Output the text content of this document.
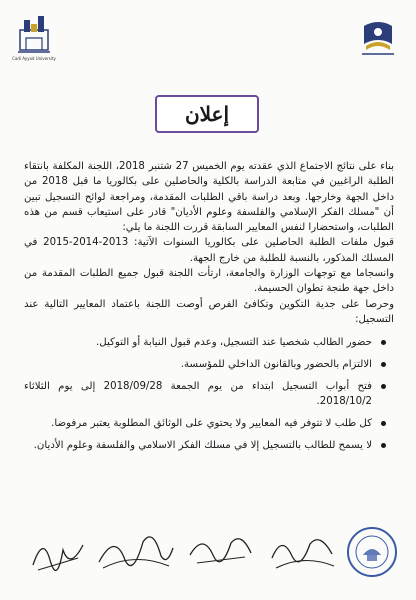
Cadi Ayyad University
إعلان

بناء على نتائج الاجتماع الذي عقدته يوم الخميس 27 شتنبر 2018، اللجنة المكلفة بانتقاء الطلبة الراغبين في متابعة الدراسة بالكلية والحاصلين على بكالوريا ما قبل 2018 من داخل الجهة وخارجها. وبعد دراسة باقي الطلبات المقدمة، ومراجعة لوائح التسجيل تبين أن "مسلك الفكر الإسلامي والفلسفة وعلوم الأديان" قادر على استيعاب قسم من هذه الطلبات، واستحضارا لنفس المعايير السابقة قررت اللجنة ما يلي:

قبول ملفات الطلبة الحاصلين على بكالوريا السنوات الآتية: 2013-2014-2015 في المسلك المذكور، بالنسبة للطلبة من خارج الجهة.

وانسجاما مع توجهات الوزارة والجامعة، ارتأت اللجنة قبول جميع الطلبات المقدمة من داخل جهة طنجة تطوان الحسيمة.

وحرصا على جدية التكوين وتكافئ الفرص أوصت اللجنة باعتماد المعايير التالية عند التسجيل:

حضور الطالب شخصيا عند التسجيل، وعدم قبول النيابة أو التوكيل.
الالتزام بالحضور وبالقانون الداخلي للمؤسسة.
فتح أبواب التسجيل ابتداء من يوم الجمعة 2018/09/28 إلى يوم الثلاثاء 2018/10/2.
كل طلب لا تتوفر فيه المعايير ولا يحتوي على الوثائق المطلوبة يعتبر مرفوضا.
لا يسمح للطالب بالتسجيل إلا في مسلك الفكر الاسلامي والفلسفة وعلوم الأديان.
